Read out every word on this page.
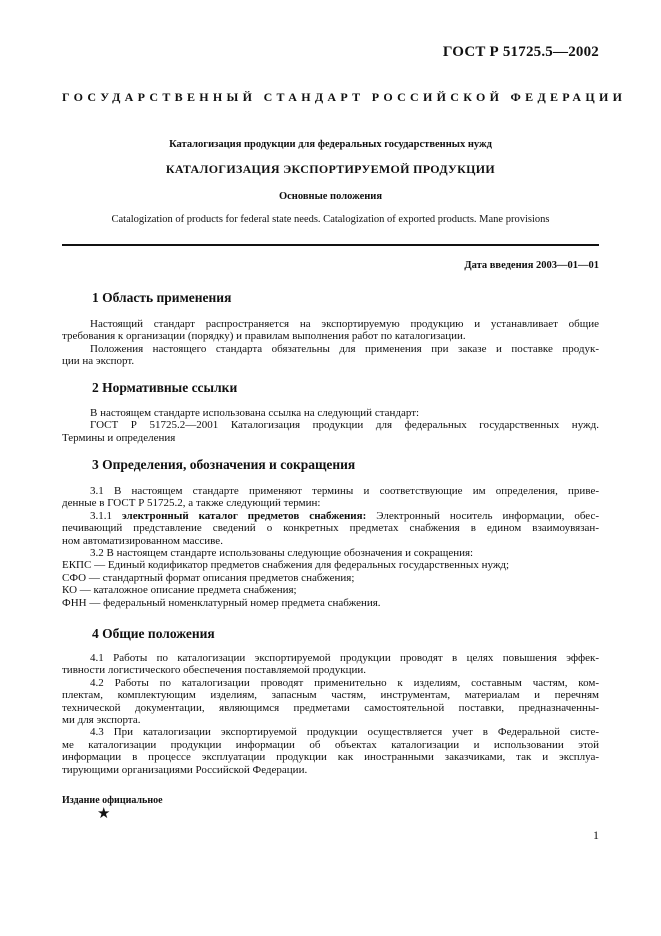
ГОСТ Р 51725.5—2002
ГОСУДАРСТВЕННЫЙ СТАНДАРТ РОССИЙСКОЙ ФЕДЕРАЦИИ
Каталогизация продукции для федеральных государственных нужд
КАТАЛОГИЗАЦИЯ ЭКСПОРТИРУЕМОЙ ПРОДУКЦИИ
Основные положения
Catalogization of products for federal state needs. Catalogization of exported products. Mane provisions
Дата введения 2003—01—01
1 Область применения
Настоящий стандарт распространяется на экспортируемую продукцию и устанавливает общие
требования к организации (порядку) и правилам выполнения работ по каталогизации.
Положения настоящего стандарта обязательны для применения при заказе и поставке продук-
ции на экспорт.
2 Нормативные ссылки
В настоящем стандарте использована ссылка на следующий стандарт:
ГОСТ Р 51725.2—2001 Каталогизация продукции для федеральных государственных нужд.
Термины и определения
3 Определения, обозначения и сокращения
3.1 В настоящем стандарте применяют термины и соответствующие им определения, приве-
денные в ГОСТ Р 51725.2, а также следующий термин:
3.1.1 электронный каталог предметов снабжения: Электронный носитель информации, обес-
печивающий представление сведений о конкретных предметах снабжения в едином взаимоувязан-
ном автоматизированном массиве.
3.2 В настоящем стандарте использованы следующие обозначения и сокращения:
ЕКПС — Единый кодификатор предметов снабжения для федеральных государственных нужд;
СФО — стандартный формат описания предметов снабжения;
КО — каталожное описание предмета снабжения;
ФНН — федеральный номенклатурный номер предмета снабжения.
4 Общие положения
4.1 Работы по каталогизации экспортируемой продукции проводят в целях повышения эффек-
тивности логистического обеспечения поставляемой продукции.
4.2 Работы по каталогизации проводят применительно к изделиям, составным частям, ком-
плектам, комплектующим изделиям, запасным частям, инструментам, материалам и перечням
технической документации, являющимся предметами самостоятельной поставки, предназначенны-
ми для экспорта.
4.3 При каталогизации экспортируемой продукции осуществляется учет в Федеральной систе-
ме каталогизации продукции информации об объектах каталогизации и использовании этой
информации в процессе эксплуатации продукции как иностранными заказчиками, так и эксплуа-
тирующими организациями Российской Федерации.
Издание официальное
★
1
